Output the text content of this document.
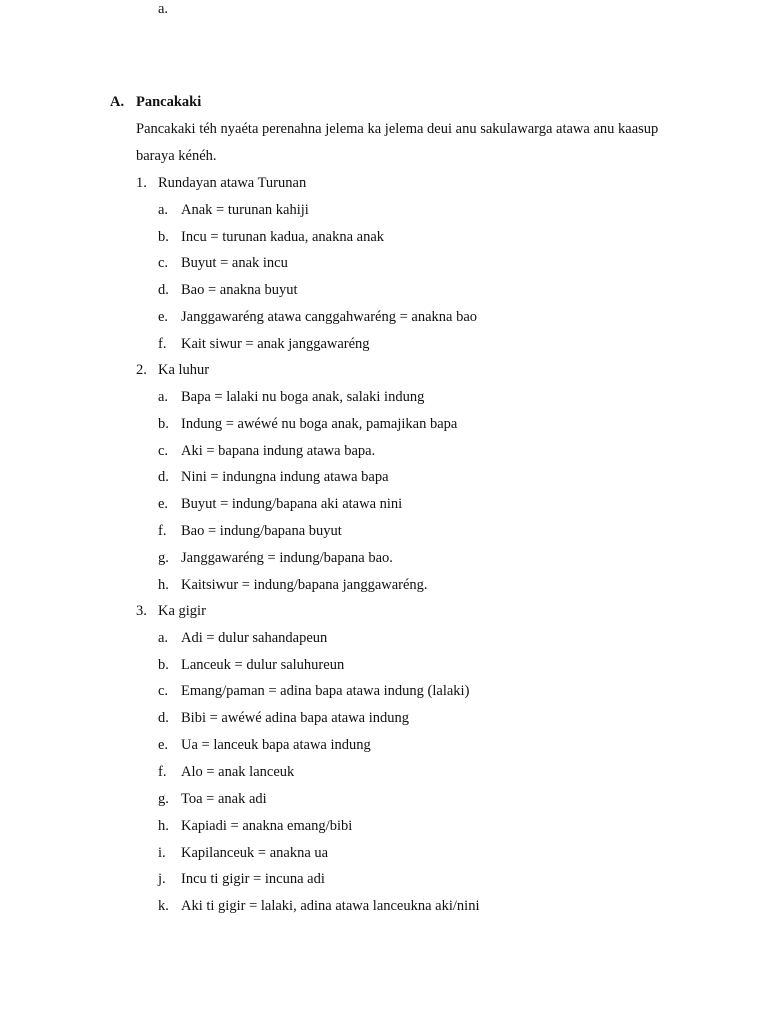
A. Pancakaki
Pancakaki téh nyaéta perenahna jelema ka jelema deui anu sakulawarga atawa anu kaasup
baraya kénéh.
1. Rundayan atawa Turunan
a.
a. Anak = turunan kahiji
b. Incu = turunan kadua, anakna anak
c. Buyut = anak incu
d. Bao = anakna buyut
e. Janggawaréng atawa canggahwaréng = anakna bao
f. Kait siwur = anak janggawaréng
2. Ka luhur
a. Bapa = lalaki nu boga anak, salaki indung
b. Indung = awéwé nu boga anak, pamajikan bapa
c. Aki = bapana indung atawa bapa.
d. Nini = indungna indung atawa bapa
e. Buyut = indung/bapana aki atawa nini
f. Bao = indung/bapana buyut
g. Janggawaréng = indung/bapana bao.
h. Kaitsiwur = indung/bapana janggawaréng.
3. Ka gigir
a. Adi = dulur sahandapeun
b. Lanceuk = dulur saluhureun
c. Emang/paman = adina bapa atawa indung (lalaki)
d. Bibi = awéwé adina bapa atawa indung
e. Ua = lanceuk bapa atawa indung
f. Alo = anak lanceuk
g. Toa = anak adi
h. Kapiadi = anakna emang/bibi
i. Kapilanceuk = anakna ua
j. Incu ti gigir = incuna adi
k. Aki ti gigir = lalaki, adina atawa lanceukna aki/nini
